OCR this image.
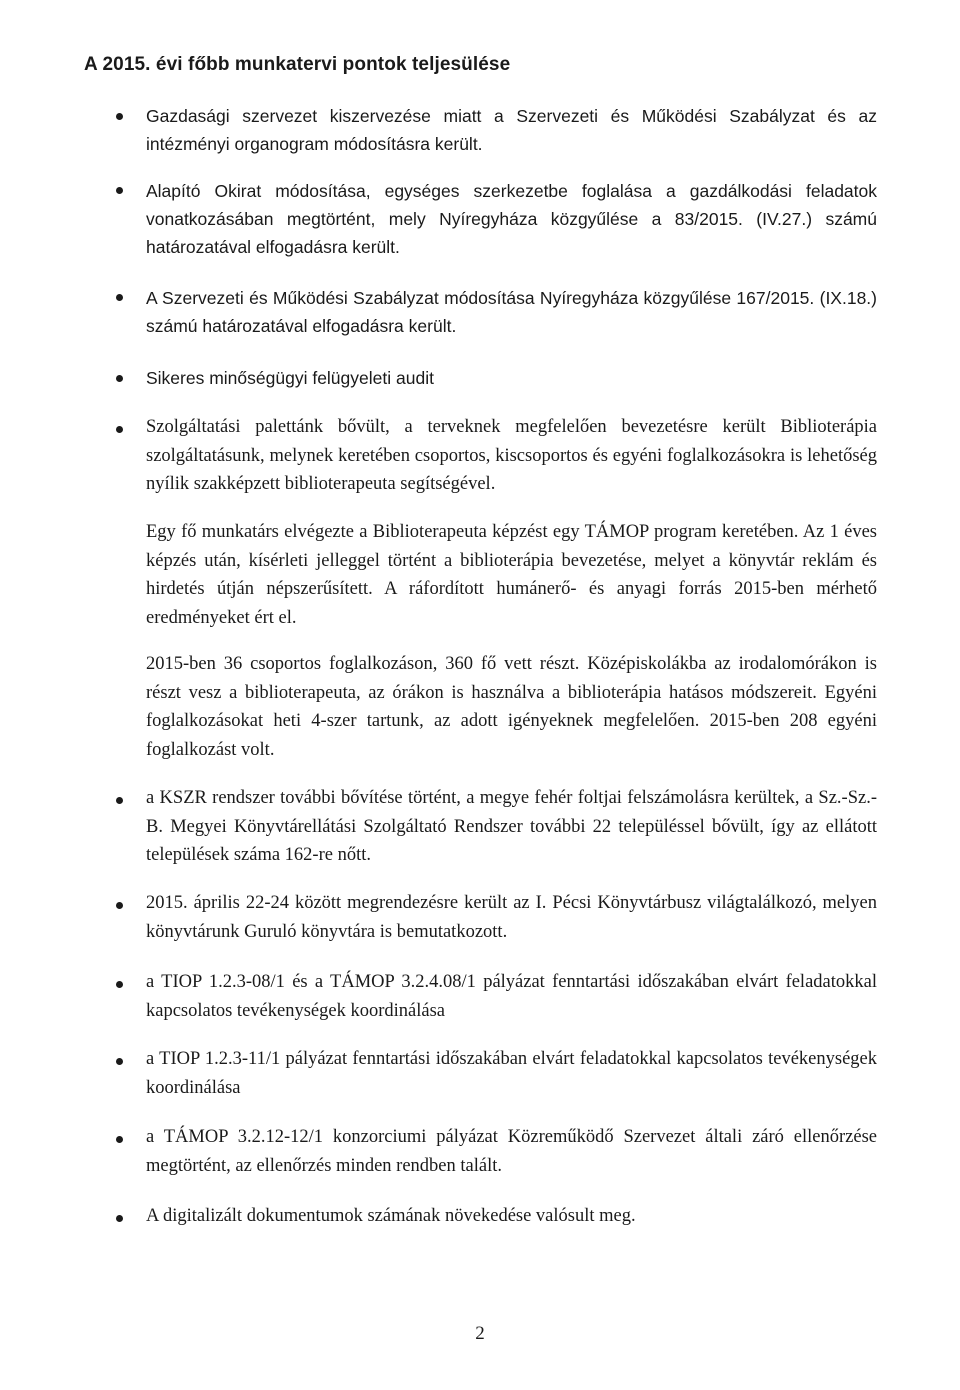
A 2015. évi főbb munkatervi pontok teljesülése
Gazdasági szervezet kiszervezése miatt a Szervezeti és Működési Szabályzat és az intézményi organogram módosításra került.
Alapító Okirat módosítása, egységes szerkezetbe foglalása a gazdálkodási feladatok vonatkozásában megtörtént, mely Nyíregyháza közgyűlése a 83/2015. (IV.27.) számú határozatával elfogadásra került.
A Szervezeti és Működési Szabályzat módosítása Nyíregyháza közgyűlése 167/2015. (IX.18.) számú határozatával elfogadásra került.
Sikeres minőségügyi felügyeleti audit
Szolgáltatási palettánk bővült, a terveknek megfelelően bevezetésre került Biblioterápia szolgáltatásunk, melynek keretében csoportos, kiscsoportos és egyéni foglalkozásokra is lehetőség nyílik szakképzett biblioterapeuta segítségével.
Egy fő munkatárs elvégezte a Biblioterapeuta képzést egy TÁMOP program keretében. Az 1 éves képzés után, kísérleti jelleggel történt a biblioterápia bevezetése, melyet a könyvtár reklám és hirdetés útján népszerűsített. A ráfordított humánerő- és anyagi forrás 2015-ben mérhető eredményeket ért el.
2015-ben 36 csoportos foglalkozáson, 360 fő vett részt. Középiskolákba az irodalomórákon is részt vesz a biblioterapeuta, az órákon is használva a biblioterápia hatásos módszereit. Egyéni foglalkozásokat heti 4-szer tartunk, az adott igényeknek megfelelően. 2015-ben 208 egyéni foglalkozást volt.
a KSZR rendszer további bővítése történt, a megye fehér foltjai felszámolásra kerültek, a Sz.-Sz.-B. Megyei Könyvtárellátási Szolgáltató Rendszer további 22 településsel bővült, így az ellátott települések száma 162-re nőtt.
2015. április 22-24 között megrendezésre került az I. Pécsi Könyvtárbusz világtalálkozó, melyen könyvtárunk Guruló könyvtára is bemutatkozott.
a TIOP 1.2.3-08/1 és a TÁMOP 3.2.4.08/1 pályázat fenntartási időszakában elvárt feladatokkal kapcsolatos tevékenységek koordinálása
a TIOP 1.2.3-11/1 pályázat fenntartási időszakában elvárt feladatokkal kapcsolatos tevékenységek koordinálása
a TÁMOP 3.2.12-12/1 konzorciumi pályázat Közreműködő Szervezet általi záró ellenőrzése megtörtént, az ellenőrzés minden rendben talált.
A digitalizált dokumentumok számának növekedése valósult meg.
2
